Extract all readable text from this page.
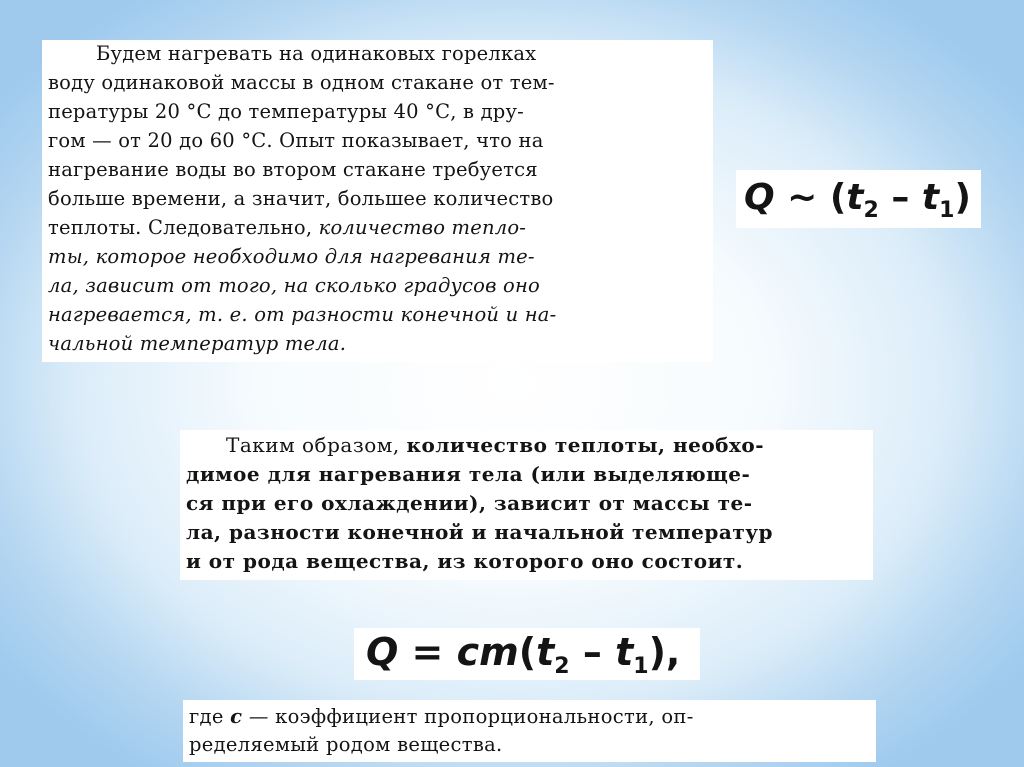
Будем нагревать на одинаковых горелках
воду одинаковой массы в одном стакане от тем-
пературы 20 °С до температуры 40 °С, в дру-
гом — от 20 до 60 °С. Опыт показывает, что на
нагревание воды во втором стакане требуется
больше времени, а значит, большее количество
теплоты. Следовательно, количество тепло-
ты, которое необходимо для нагревания те-
ла, зависит от того, на сколько градусов оно
нагревается, т. е. от разности конечной и на-
чальной температур тела.
Q ~ $(t_2 - t_1)$
Таким образом, количество теплоты, необхо-
димое для нагревания тела (или выделяюще-
ся при его охлаждении), зависит от массы те-
ла, разности конечной и начальной температур
и от рода вещества, из которого оно состоит.
$Q = cm(t_2 - t_1)$,
где c — коэффициент пропорциональности, оп-
ределяемый родом вещества.
